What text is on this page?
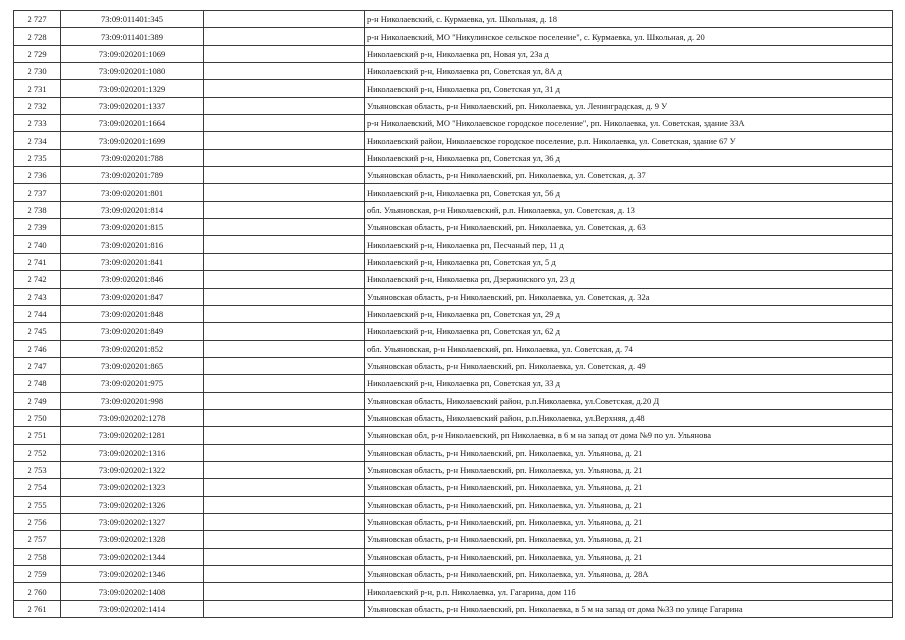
2 727	73:09:011401:345		р-н Николаевский, с. Курмаевка, ул. Школьная, д. 18
2 728	73:09:011401:389		р-н Николаевский, МО "Никулинское сельское поселение", с. Курмаевка, ул. Школьная, д. 20
2 729	73:09:020201:1069		Николаевский р-н, Николаевка рп, Новая ул, 23а д
2 730	73:09:020201:1080		Николаевский р-н, Николаевка рп, Советская ул, 8А д
2 731	73:09:020201:1329		Николаевский р-н, Николаевка рп, Советская ул, 31 д
2 732	73:09:020201:1337		Ульяновская область, р-н Николаевский, рп. Николаевка, ул. Ленинградская, д. 9 У
2 733	73:09:020201:1664		р-н Николаевский, МО "Николаевское городское поселение", рп. Николаевка, ул. Советская, здание 33А
2 734	73:09:020201:1699		Николаевский район, Николаевское городское поселение, р.п. Николаевка, ул. Советская, здание 67 У
2 735	73:09:020201:788		Николаевский р-н, Николаевка рп, Советская ул, 36 д
2 736	73:09:020201:789		Ульяновская область, р-н Николаевский, рп. Николаевка, ул. Советская, д. 37
2 737	73:09:020201:801		Николаевский р-н, Николаевка рп, Советская ул, 56 д
2 738	73:09:020201:814		обл. Ульяновская, р-н Николаевский, р.п. Николаевка, ул. Советская, д. 13
2 739	73:09:020201:815		Ульяновская область, р-н Николаевский, рп. Николаевка, ул. Советская, д. 63
2 740	73:09:020201:816		Николаевский р-н, Николаевка рп, Песчаный пер, 11 д
2 741	73:09:020201:841		Николаевский р-н, Николаевка рп, Советская ул, 5 д
2 742	73:09:020201:846		Николаевский р-н, Николаевка рп, Дзержинского ул, 23 д
2 743	73:09:020201:847		Ульяновская область, р-н Николаевский, рп. Николаевка, ул. Советская, д. 32а
2 744	73:09:020201:848		Николаевский р-н, Николаевка рп, Советская ул, 29 д
2 745	73:09:020201:849		Николаевский р-н, Николаевка рп, Советская ул, 62 д
2 746	73:09:020201:852		обл. Ульяновская, р-н Николаевский, рп. Николаевка, ул. Советская, д. 74
2 747	73:09:020201:865		Ульяновская область, р-н Николаевский, рп. Николаевка, ул. Советская, д. 49
2 748	73:09:020201:975		Николаевский р-н, Николаевка рп, Советская ул, 33 д
2 749	73:09:020201:998		Ульяновская область, Николаевский район, р.п.Николаевка, ул.Советская, д.20 Д
2 750	73:09:020202:1278		Ульяновская область, Николаевский район, р.п.Николаевка, ул.Верхняя, д.48
2 751	73:09:020202:1281		Ульяновская обл, р-н Николаевский, рп Николаевка, в 6 м на запад от дома №9 по ул. Ульянова
2 752	73:09:020202:1316		Ульяновская область, р-н Николаевский, рп. Николаевка, ул. Ульянова, д. 21
2 753	73:09:020202:1322		Ульяновская область, р-н Николаевский, рп. Николаевка, ул. Ульянова, д. 21
2 754	73:09:020202:1323		Ульяновская область, р-н Николаевский, рп. Николаевка, ул. Ульянова, д. 21
2 755	73:09:020202:1326		Ульяновская область, р-н Николаевский, рп. Николаевка, ул. Ульянова, д. 21
2 756	73:09:020202:1327		Ульяновская область, р-н Николаевский, рп. Николаевка, ул. Ульянова, д. 21
2 757	73:09:020202:1328		Ульяновская область, р-н Николаевский, рп. Николаевка, ул. Ульянова, д. 21
2 758	73:09:020202:1344		Ульяновская область, р-н Николаевский, рп. Николаевка, ул. Ульянова, д. 21
2 759	73:09:020202:1346		Ульяновская область, р-н Николаевский, рп. Николаевка, ул. Ульянова, д. 28А
2 760	73:09:020202:1408		Николаевский р-н, р.п. Николаевка, ул. Гагарина, дом 11б
2 761	73:09:020202:1414		Ульяновская область, р-н Николаевский, рп. Николаевка, в 5 м на запад от дома №33 по улице Гагарина
